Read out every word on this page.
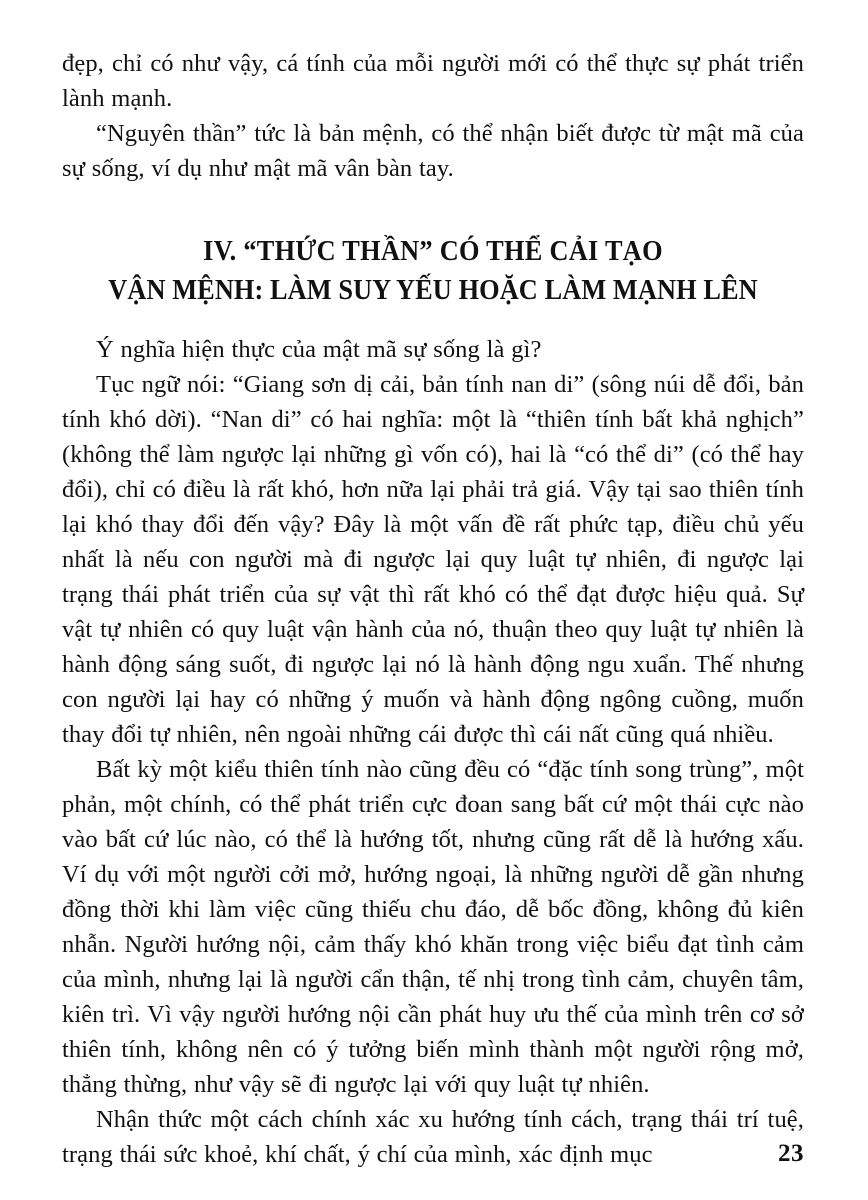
đẹp, chỉ có như vậy, cá tính của mỗi người mới có thể thực sự phát triển lành mạnh.

“Nguyên thần” tức là bản mệnh, có thể nhận biết được từ mật mã của sự sống, ví dụ như mật mã vân bàn tay.

IV. “THỨC THẦN” CÓ THỂ CẢI TẠO
VẬN MỆNH: LÀM SUY YẾU HOẶC LÀM MẠNH LÊN

Ý nghĩa hiện thực của mật mã sự sống là gì?

Tục ngữ nói: “Giang sơn dị cải, bản tính nan di” (sông núi dễ đổi, bản tính khó dời). “Nan di” có hai nghĩa: một là “thiên tính bất khả nghịch” (không thể làm ngược lại những gì vốn có), hai là “có thể di” (có thể hay đổi), chỉ có điều là rất khó, hơn nữa lại phải trả giá. Vậy tại sao thiên tính lại khó thay đổi đến vậy? Đây là một vấn đề rất phức tạp, điều chủ yếu nhất là nếu con người mà đi ngược lại quy luật tự nhiên, đi ngược lại trạng thái phát triển của sự vật thì rất khó có thể đạt được hiệu quả. Sự vật tự nhiên có quy luật vận hành của nó, thuận theo quy luật tự nhiên là hành động sáng suốt, đi ngược lại nó là hành động ngu xuẩn. Thế nhưng con người lại hay có những ý muốn và hành động ngông cuồng, muốn thay đổi tự nhiên, nên ngoài những cái được thì cái nất cũng quá nhiều.

Bất kỳ một kiểu thiên tính nào cũng đều có “đặc tính song trùng”, một phản, một chính, có thể phát triển cực đoan sang bất cứ một thái cực nào vào bất cứ lúc nào, có thể là hướng tốt, nhưng cũng rất dễ là hướng xấu. Ví dụ với một người cởi mở, hướng ngoại, là những người dễ gần nhưng đồng thời khi làm việc cũng thiếu chu đáo, dễ bốc đồng, không đủ kiên nhẫn. Người hướng nội, cảm thấy khó khăn trong việc biểu đạt tình cảm của mình, nhưng lại là người cẩn thận, tế nhị trong tình cảm, chuyên tâm, kiên trì. Vì vậy người hướng nội cần phát huy ưu thế của mình trên cơ sở thiên tính, không nên có ý tưởng biến mình thành một người rộng mở, thẳng thừng, như vậy sẽ đi ngược lại với quy luật tự nhiên.

Nhận thức một cách chính xác xu hướng tính cách, trạng thái trí tuệ, trạng thái sức khoẻ, khí chất, ý chí của mình, xác định mục	23
